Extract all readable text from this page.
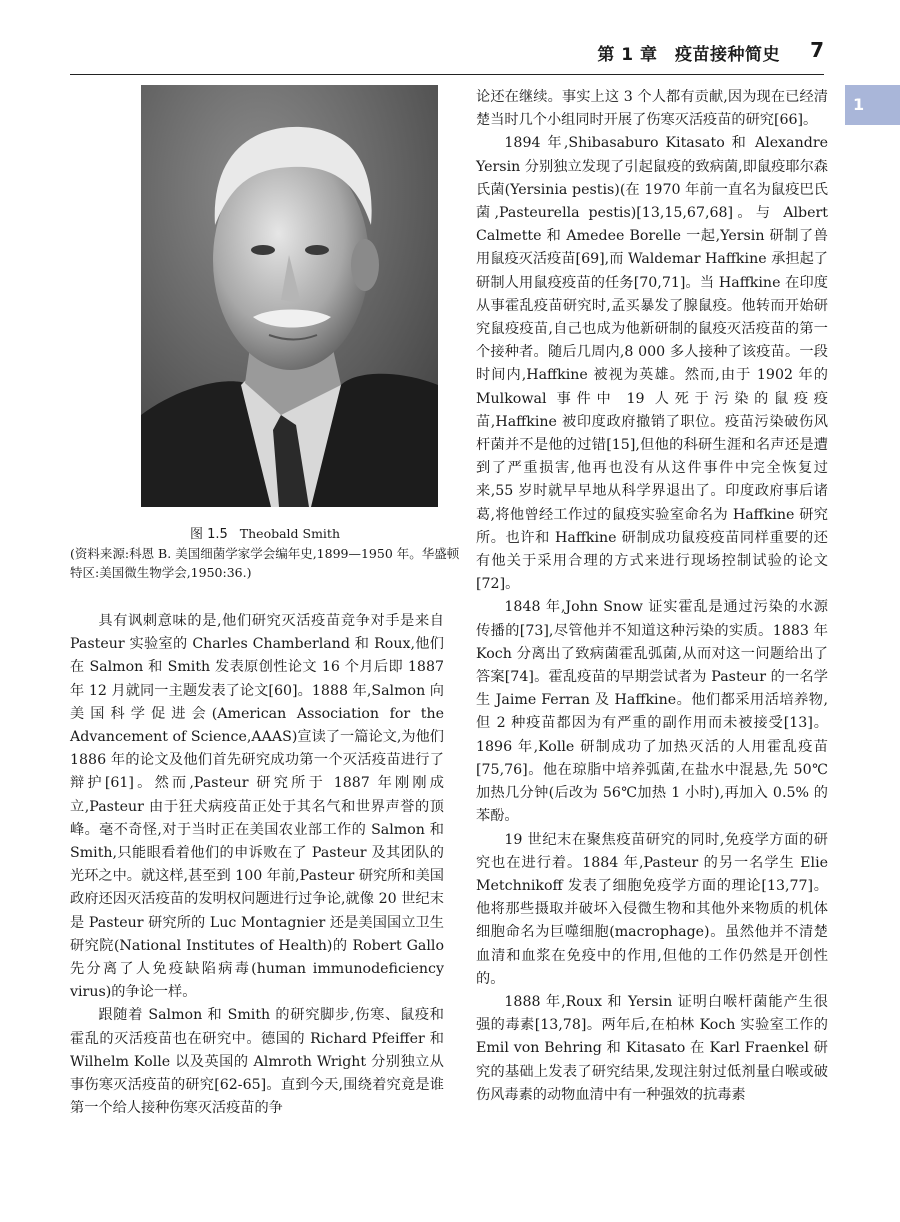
第 1 章　疫苗接种简史 7
1
图 1.5 Theobald Smith
(资料来源:科恩 B. 美国细菌学家学会编年史,1899—1950 年。华盛顿特区:美国微生物学会,1950:36.)

具有讽刺意味的是,他们研究灭活疫苗竞争对手是来自 Pasteur 实验室的 Charles Chamberland 和 Roux,他们在 Salmon 和 Smith 发表原创性论文 16 个月后即 1887 年 12 月就同一主题发表了论文[60]。1888 年,Salmon 向美国科学促进会(American Association for the Advancement of Science,AAAS)宣读了一篇论文,为他们 1886 年的论文及他们首先研究成功第一个灭活疫苗进行了辩护[61]。然而,Pasteur 研究所于 1887 年刚刚成立,Pasteur 由于狂犬病疫苗正处于其名气和世界声誉的顶峰。毫不奇怪,对于当时正在美国农业部工作的 Salmon 和 Smith,只能眼看着他们的申诉败在了 Pasteur 及其团队的光环之中。就这样,甚至到 100 年前,Pasteur 研究所和美国政府还因灭活疫苗的发明权问题进行过争论,就像 20 世纪末是 Pasteur 研究所的 Luc Montagnier 还是美国国立卫生研究院(National Institutes of Health)的 Robert Gallo 先分离了人免疫缺陷病毒(human immunodeficiency virus)的争论一样。

跟随着 Salmon 和 Smith 的研究脚步,伤寒、鼠疫和霍乱的灭活疫苗也在研究中。德国的 Richard Pfeiffer 和 Wilhelm Kolle 以及英国的 Almroth Wright 分别独立从事伤寒灭活疫苗的研究[62-65]。直到今天,围绕着究竟是谁第一个给人接种伤寒灭活疫苗的争

论还在继续。事实上这 3 个人都有贡献,因为现在已经清楚当时几个小组同时开展了伤寒灭活疫苗的研究[66]。

1894 年,Shibasaburo Kitasato 和 Alexandre Yersin 分别独立发现了引起鼠疫的致病菌,即鼠疫耶尔森氏菌(Yersinia pestis)(在 1970 年前一直名为鼠疫巴氏菌,Pasteurella pestis)[13,15,67,68]。与 Albert Calmette 和 Amedee Borelle 一起,Yersin 研制了兽用鼠疫灭活疫苗[69],而 Waldemar Haffkine 承担起了研制人用鼠疫疫苗的任务[70,71]。当 Haffkine 在印度从事霍乱疫苗研究时,孟买暴发了腺鼠疫。他转而开始研究鼠疫疫苗,自己也成为他新研制的鼠疫灭活疫苗的第一个接种者。随后几周内,8 000 多人接种了该疫苗。一段时间内,Haffkine 被视为英雄。然而,由于 1902 年的 Mulkowal 事件中 19 人死于污染的鼠疫疫苗,Haffkine 被印度政府撤销了职位。疫苗污染破伤风杆菌并不是他的过错[15],但他的科研生涯和名声还是遭到了严重损害,他再也没有从这件事件中完全恢复过来,55 岁时就早早地从科学界退出了。印度政府事后诸葛,将他曾经工作过的鼠疫实验室命名为 Haffkine 研究所。也许和 Haffkine 研制成功鼠疫疫苗同样重要的还有他关于采用合理的方式来进行现场控制试验的论文[72]。

1848 年,John Snow 证实霍乱是通过污染的水源传播的[73],尽管他并不知道这种污染的实质。1883 年 Koch 分离出了致病菌霍乱弧菌,从而对这一问题给出了答案[74]。霍乱疫苗的早期尝试者为 Pasteur 的一名学生 Jaime Ferran 及 Haffkine。他们都采用活培养物,但 2 种疫苗都因为有严重的副作用而未被接受[13]。1896 年,Kolle 研制成功了加热灭活的人用霍乱疫苗[75,76]。他在琼脂中培养弧菌,在盐水中混悬,先 50℃加热几分钟(后改为 56℃加热 1 小时),再加入 0.5% 的苯酚。

19 世纪末在聚焦疫苗研究的同时,免疫学方面的研究也在进行着。1884 年,Pasteur 的另一名学生 Elie Metchnikoff 发表了细胞免疫学方面的理论[13,77]。他将那些摄取并破坏入侵微生物和其他外来物质的机体细胞命名为巨噬细胞(macrophage)。虽然他并不清楚血清和血浆在免疫中的作用,但他的工作仍然是开创性的。

1888 年,Roux 和 Yersin 证明白喉杆菌能产生很强的毒素[13,78]。两年后,在柏林 Koch 实验室工作的 Emil von Behring 和 Kitasato 在 Karl Fraenkel 研究的基础上发表了研究结果,发现注射过低剂量白喉或破伤风毒素的动物血清中有一种强效的抗毒素
